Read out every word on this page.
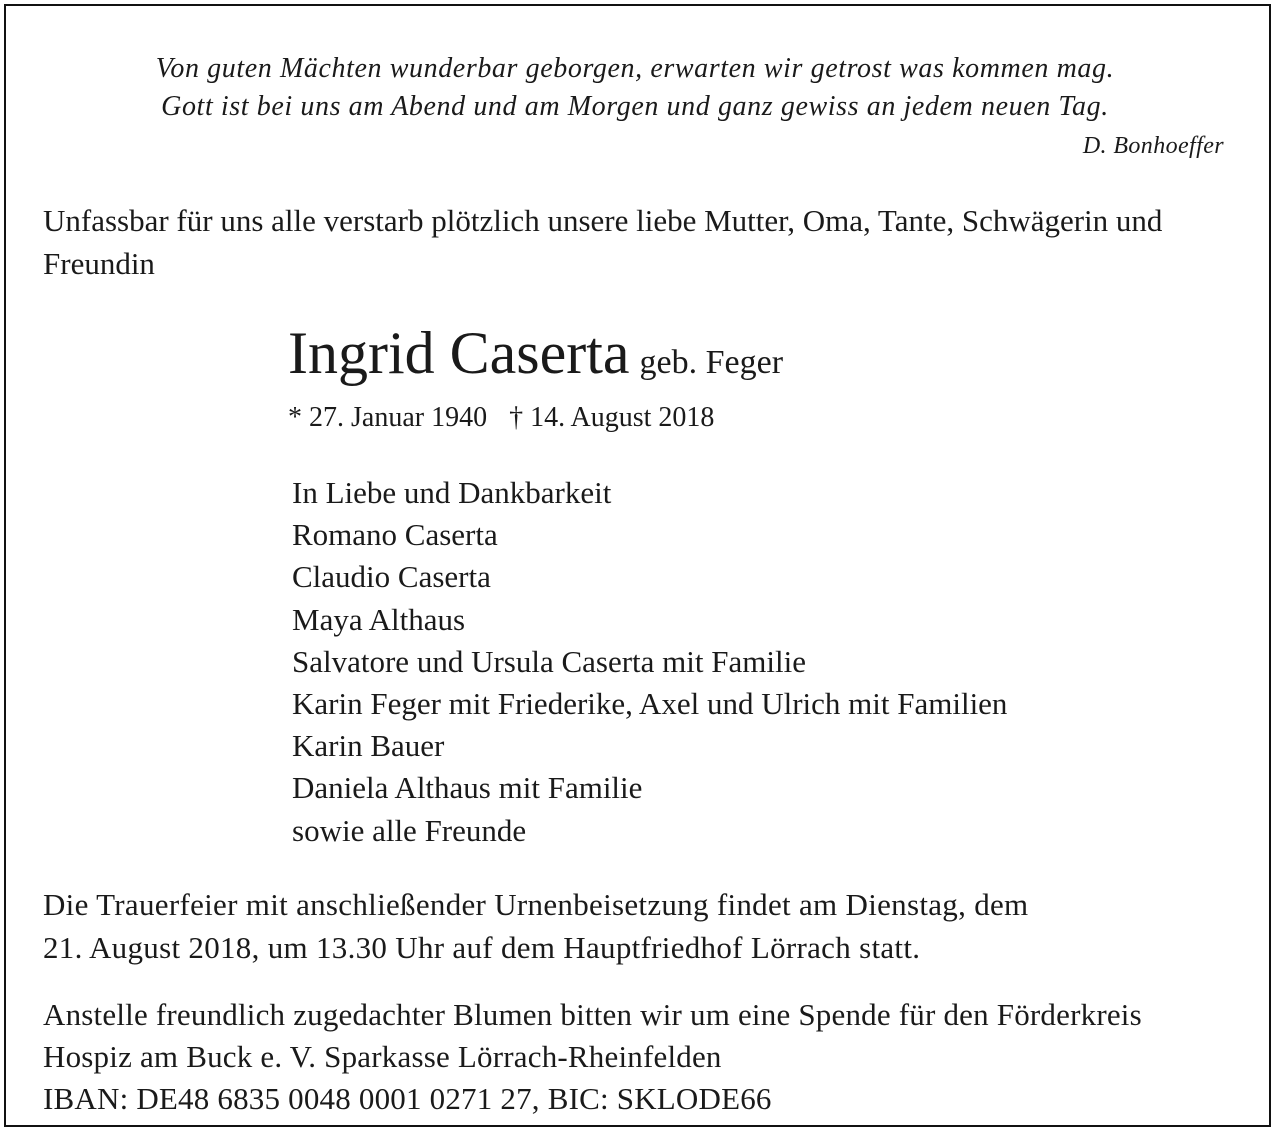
Von guten Mächten wunderbar geborgen, erwarten wir getrost was kommen mag.
Gott ist bei uns am Abend und am Morgen und ganz gewiss an jedem neuen Tag.
D. Bonhoeffer
Unfassbar für uns alle verstarb plötzlich unsere liebe Mutter, Oma, Tante, Schwägerin und Freundin
Ingrid Caserta geb. Feger
* 27. Januar 1940 † 14. August 2018
In Liebe und Dankbarkeit
Romano Caserta
Claudio Caserta
Maya Althaus
Salvatore und Ursula Caserta mit Familie
Karin Feger mit Friederike, Axel und Ulrich mit Familien
Karin Bauer
Daniela Althaus mit Familie
sowie alle Freunde
Die Trauerfeier mit anschließender Urnenbeisetzung findet am Dienstag, dem
21. August 2018, um 13.30 Uhr auf dem Hauptfriedhof Lörrach statt.
Anstelle freundlich zugedachter Blumen bitten wir um eine Spende für den Förderkreis
Hospiz am Buck e. V. Sparkasse Lörrach-Rheinfelden
IBAN: DE48 6835 0048 0001 0271 27, BIC: SKLODE66
